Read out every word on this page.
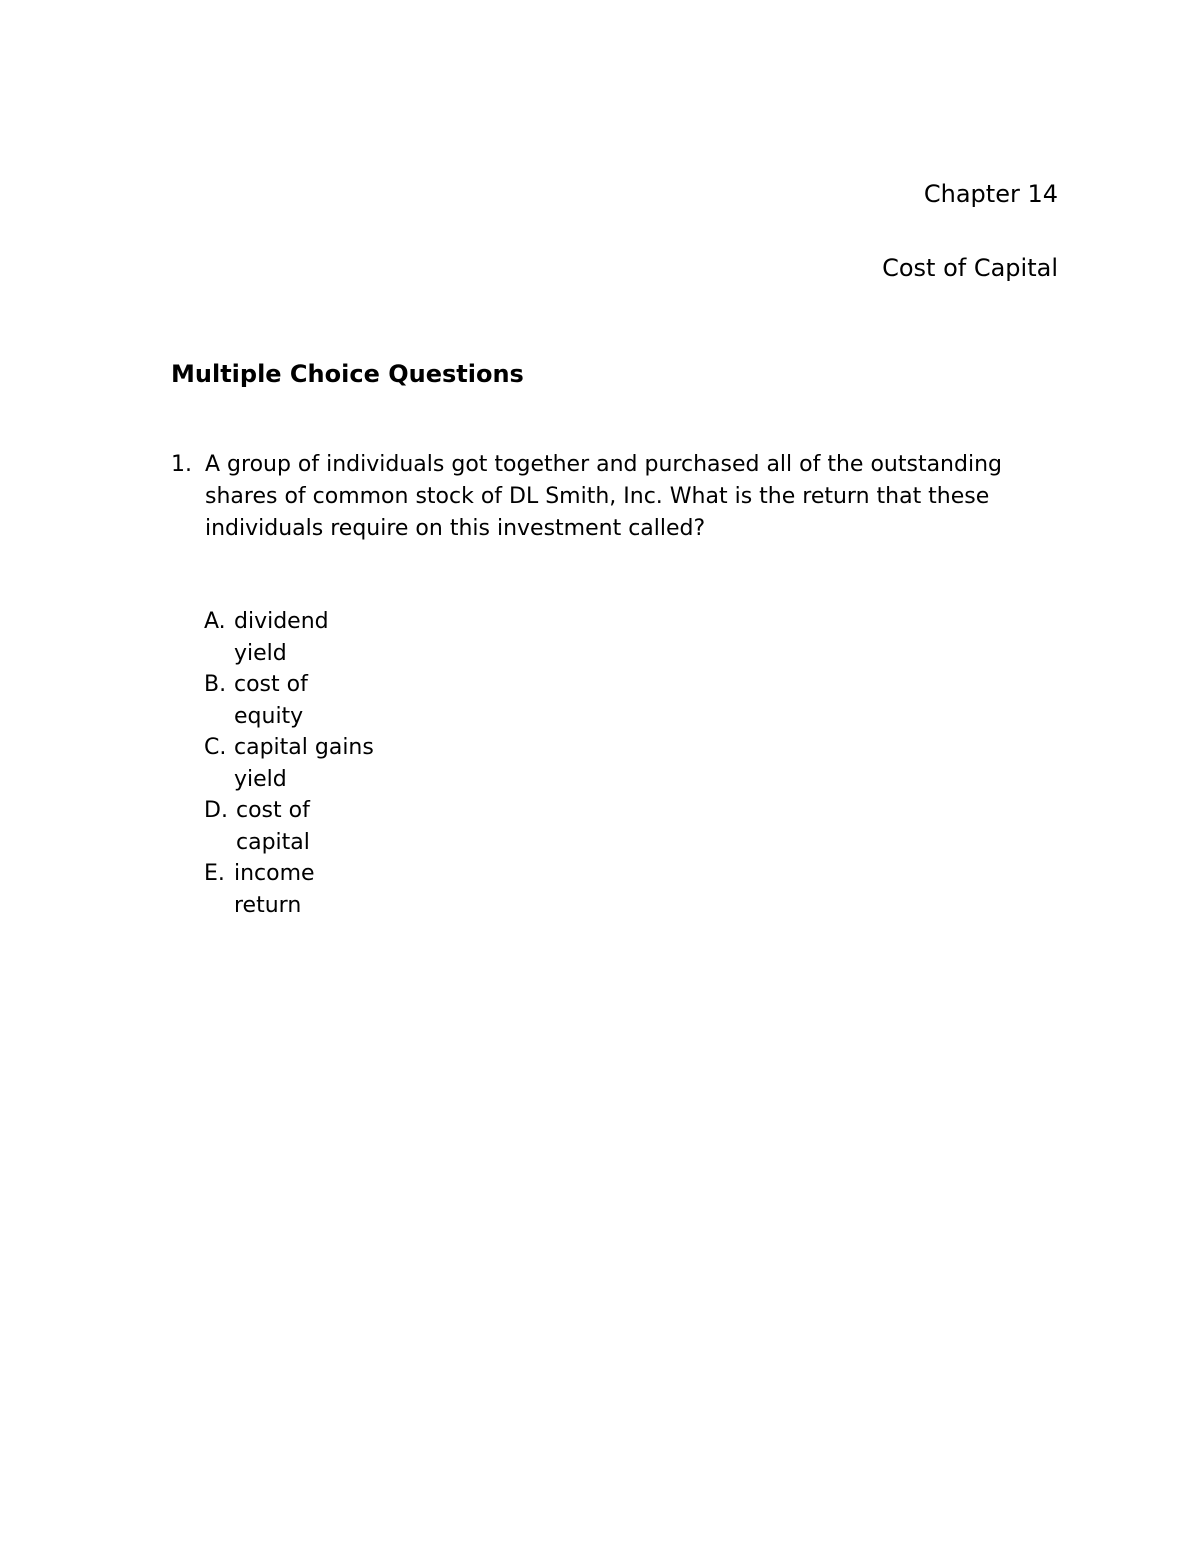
Chapter 14
Cost of Capital
Multiple Choice Questions
1. A group of individuals got together and purchased all of the outstanding shares of common stock of DL Smith, Inc. What is the return that these individuals require on this investment called?
A. dividend
yield
B. cost of
equity
C. capital gains
yield
D. cost of
capital
E. income
return
